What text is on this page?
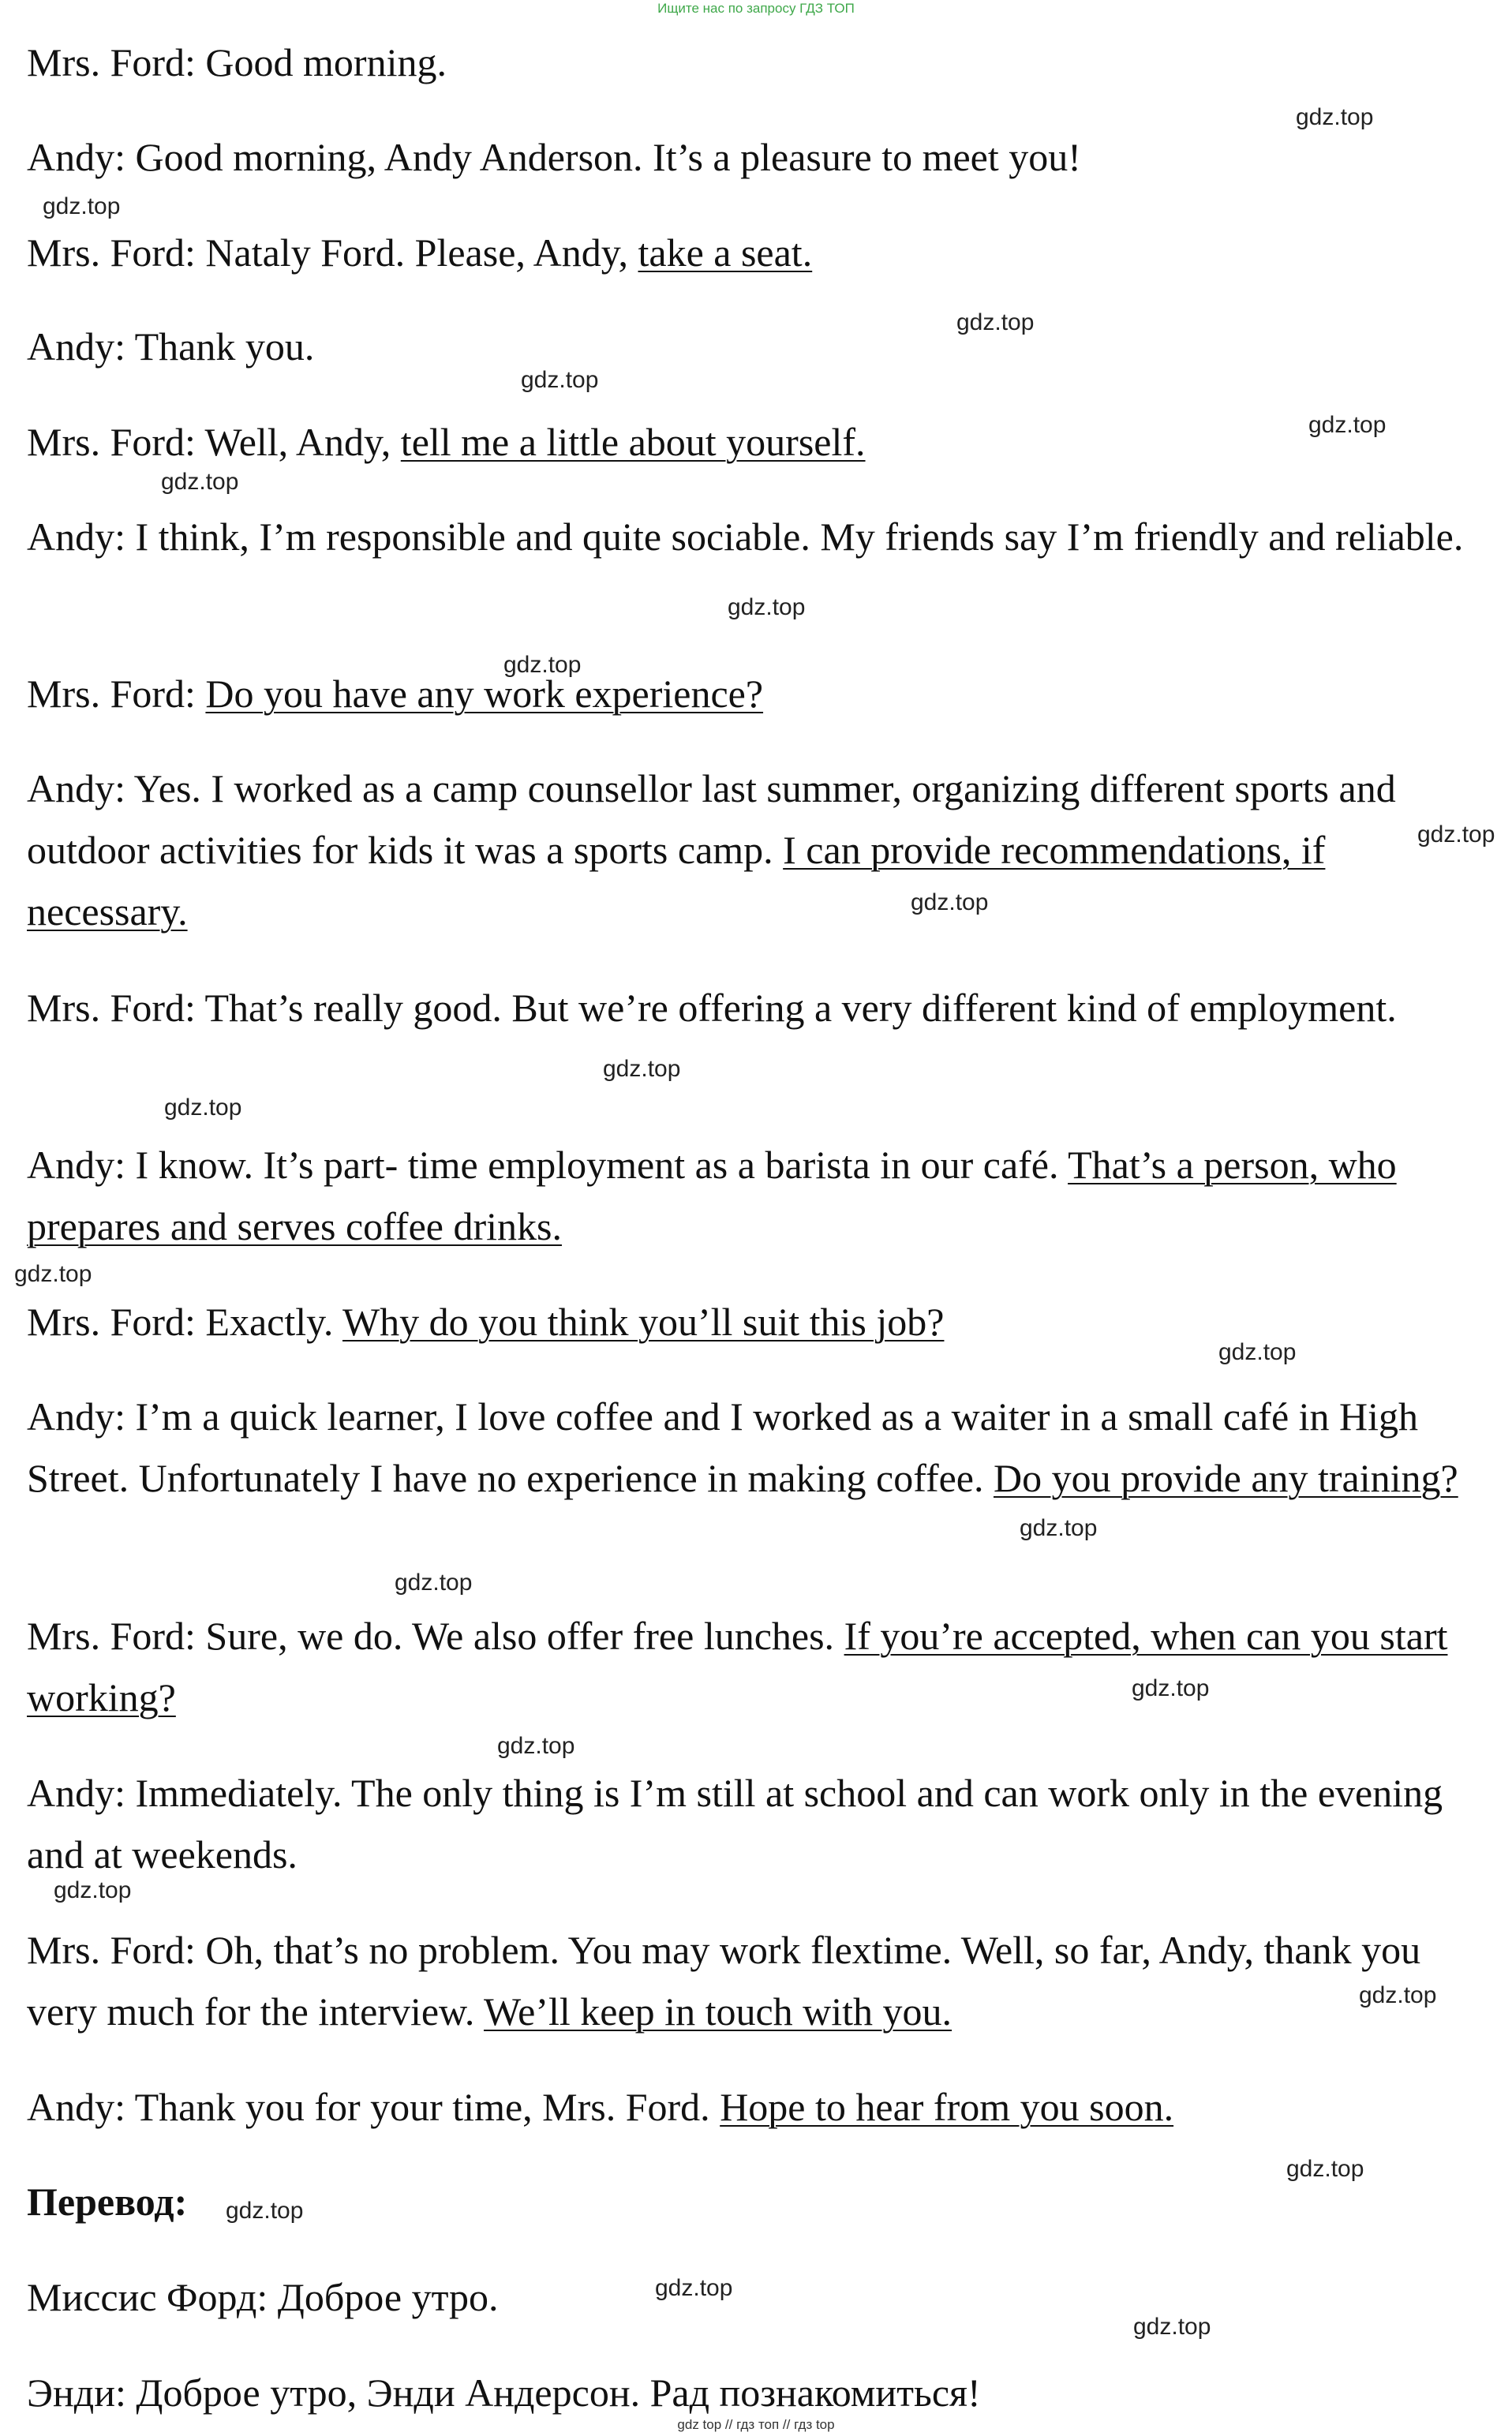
Ищите нас по запросу ГДЗ ТОП

Mrs. Ford: Good morning.

Andy: Good morning, Andy Anderson. It’s a pleasure to meet you!

Mrs. Ford: Nataly Ford. Please, Andy, take a seat.

Andy: Thank you.

Mrs. Ford: Well, Andy, tell me a little about yourself.

Andy: I think, I’m responsible and quite sociable. My friends say I’m friendly and reliable.

Mrs. Ford: Do you have any work experience?

Andy: Yes. I worked as a camp counsellor last summer, organizing different sports and outdoor activities for kids it was a sports camp. I can provide recommendations, if necessary.

Mrs. Ford: That’s really good. But we’re offering a very different kind of employment.

Andy: I know. It’s part- time employment as a barista in our café. That’s a person, who prepares and serves coffee drinks.

Mrs. Ford: Exactly. Why do you think you’ll suit this job?

Andy: I’m a quick learner, I love coffee and I worked as a waiter in a small café in High Street. Unfortunately I have no experience in making coffee. Do you provide any training?

Mrs. Ford: Sure, we do. We also offer free lunches. If you’re accepted, when can you start working?

Andy: Immediately. The only thing is I’m still at school and can work only in the evening and at weekends.

Mrs. Ford: Oh, that’s no problem. You may work flextime. Well, so far, Andy, thank you very much for the interview. We’ll keep in touch with you.

Andy: Thank you for your time, Mrs. Ford. Hope to hear from you soon.

Перевод:

Миссис Форд: Доброе утро.

Энди: Доброе утро, Энди Андерсон. Рад познакомиться!

gdz.top
gdz.top
gdz.top
gdz.top
gdz.top
gdz.top
gdz.top
gdz.top
gdz.top
gdz.top
gdz.top
gdz.top
gdz.top
gdz.top
gdz.top
gdz.top
gdz.top
gdz.top
gdz.top
gdz.top
gdz.top
gdz.top
gdz.top
gdz.top
gdz top // гдз топ // гдз top
